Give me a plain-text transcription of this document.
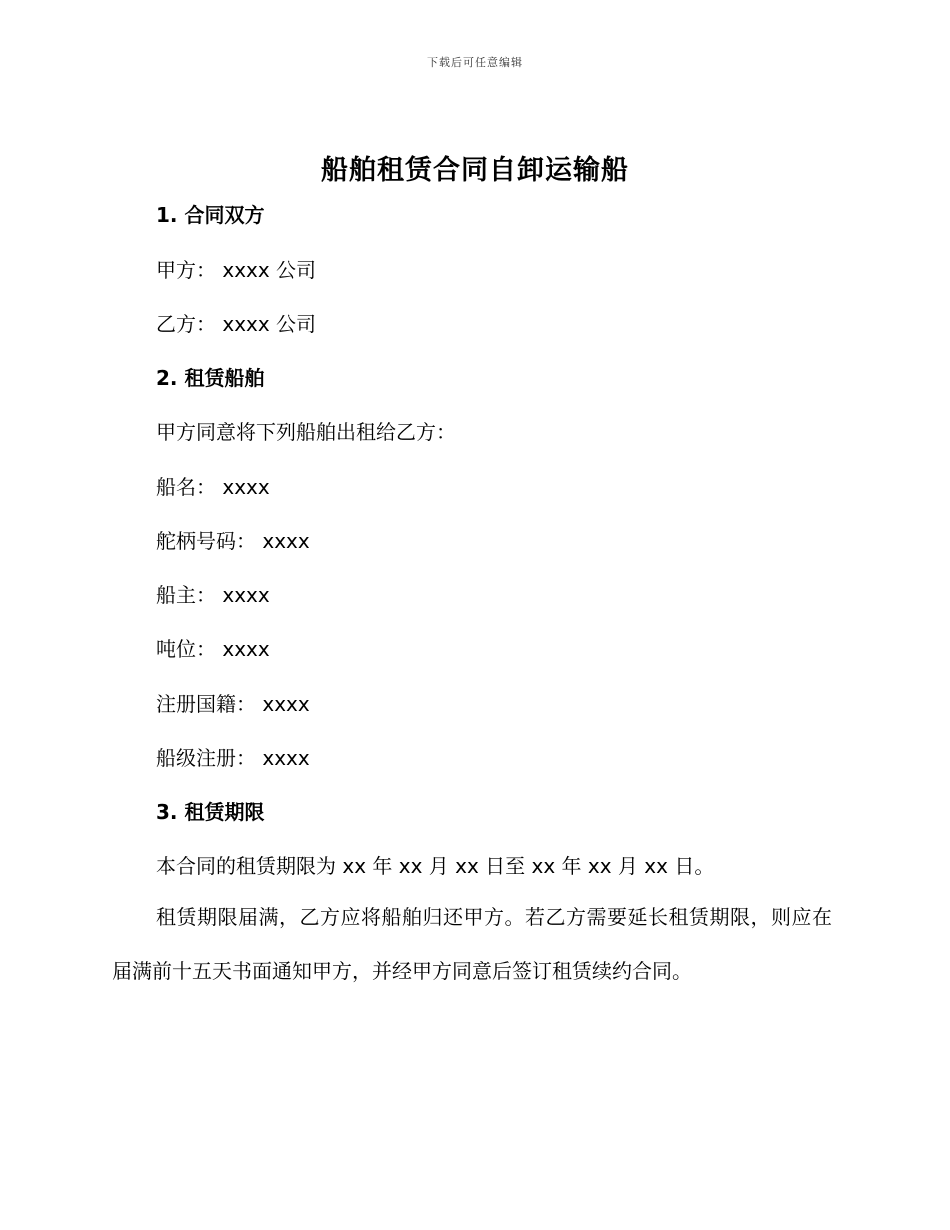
下载后可任意编辑
船舶租赁合同自卸运输船
1. 合同双方
甲方： xxxx 公司
乙方： xxxx 公司
2. 租赁船舶
甲方同意将下列船舶出租给乙方：
船名： xxxx
舵柄号码： xxxx
船主： xxxx
吨位： xxxx
注册国籍： xxxx
船级注册： xxxx
3. 租赁期限
本合同的租赁期限为 xx 年 xx 月 xx 日至 xx 年 xx 月 xx 日。
租赁期限届满，乙方应将船舶归还甲方。若乙方需要延长租赁期限，则应在届满前十五天书面通知甲方，并经甲方同意后签订租赁续约合同。
